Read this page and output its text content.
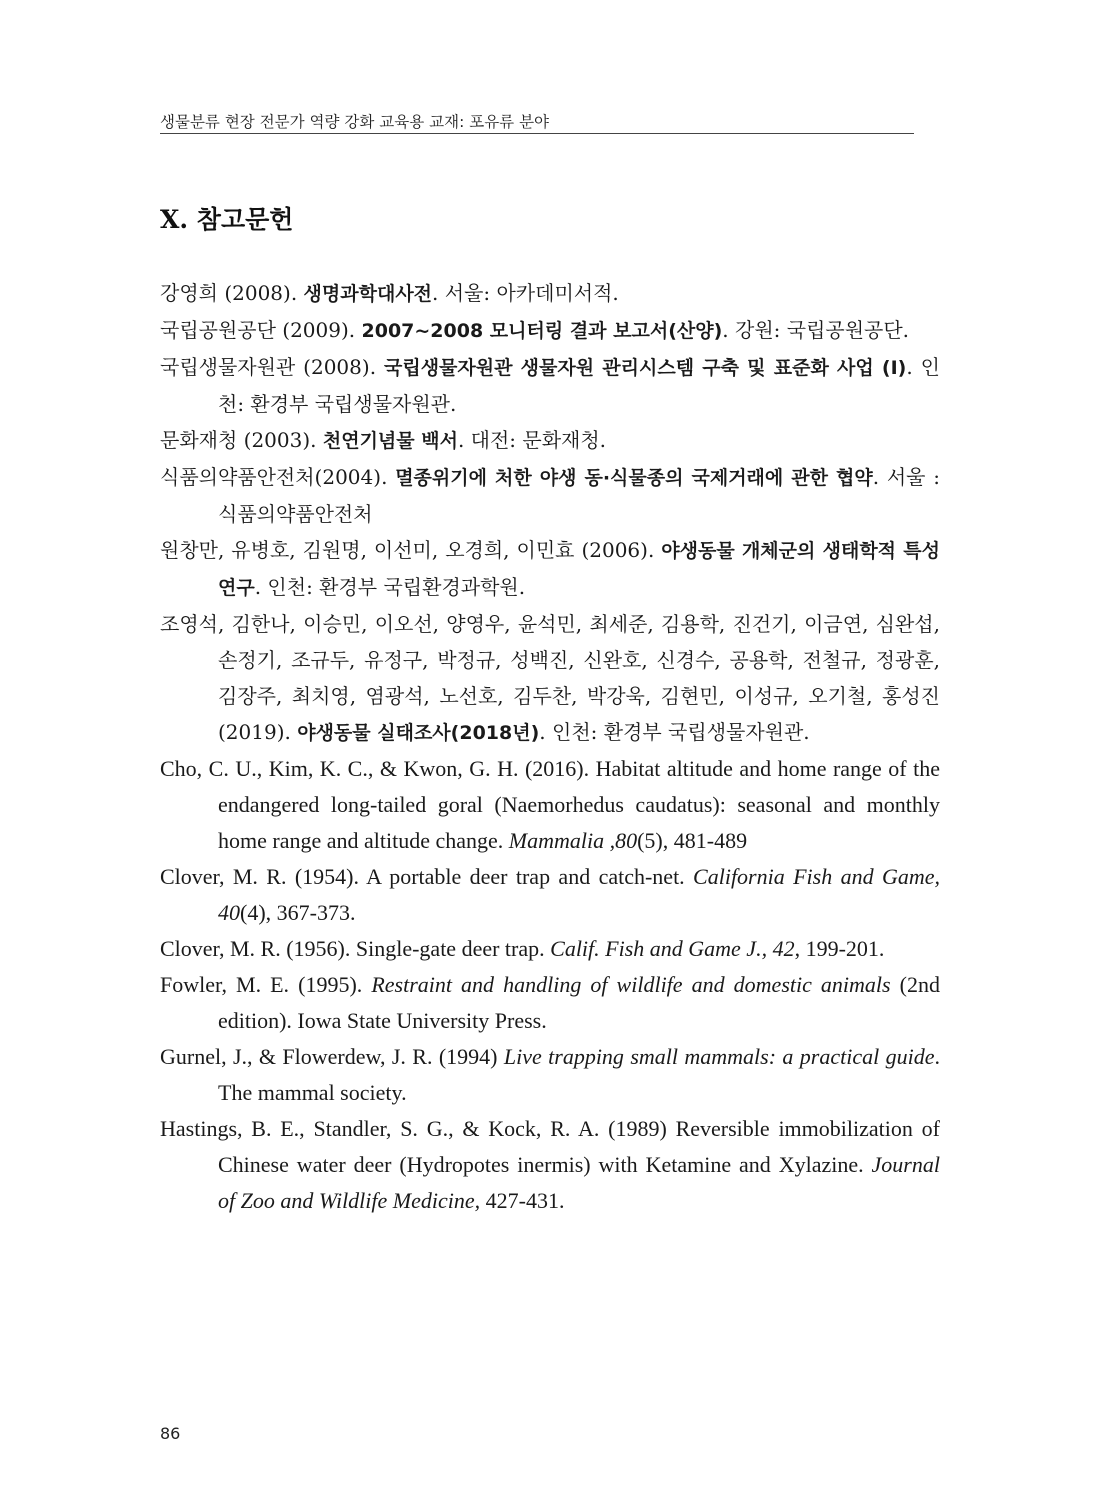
생물분류 현장 전문가 역량 강화 교육용 교재: 포유류 분야
X. 참고문헌
강영희 (2008). 생명과학대사전. 서울: 아카데미서적.
국립공원공단 (2009). 2007~2008 모니터링 결과 보고서(산양). 강원: 국립공원공단.
국립생물자원관 (2008). 국립생물자원관 생물자원 관리시스템 구축 및 표준화 사업 (I). 인천: 환경부 국립생물자원관.
문화재청 (2003). 천연기념물 백서. 대전: 문화재청.
식품의약품안전처(2004). 멸종위기에 처한 야생 동·식물종의 국제거래에 관한 협약. 서울 : 식품의약품안전처
원창만, 유병호, 김원명, 이선미, 오경희, 이민효 (2006). 야생동물 개체군의 생태학적 특성연구. 인천: 환경부 국립환경과학원.
조영석, 김한나, 이승민, 이오선, 양영우, 윤석민, 최세준, 김용학, 진건기, 이금연, 심완섭, 손정기, 조규두, 유정구, 박정규, 성백진, 신완호, 신경수, 공용학, 전철규, 정광훈, 김장주, 최치영, 염광석, 노선호, 김두찬, 박강욱, 김현민, 이성규, 오기철, 홍성진 (2019). 야생동물 실태조사(2018년). 인천: 환경부 국립생물자원관.
Cho, C. U., Kim, K. C., & Kwon, G. H. (2016). Habitat altitude and home range of the endangered long-tailed goral (Naemorhedus caudatus): seasonal and monthly home range and altitude change. Mammalia ,80(5), 481-489
Clover, M. R. (1954). A portable deer trap and catch-net. California Fish and Game, 40(4), 367-373.
Clover, M. R. (1956). Single-gate deer trap. Calif. Fish and Game J., 42, 199-201.
Fowler, M. E. (1995). Restraint and handling of wildlife and domestic animals (2nd edition). Iowa State University Press.
Gurnel, J., & Flowerdew, J. R. (1994) Live trapping small mammals: a practical guide. The mammal society.
Hastings, B. E., Standler, S. G., & Kock, R. A. (1989) Reversible immobilization of Chinese water deer (Hydropotes inermis) with Ketamine and Xylazine. Journal of Zoo and Wildlife Medicine, 427-431.
86
